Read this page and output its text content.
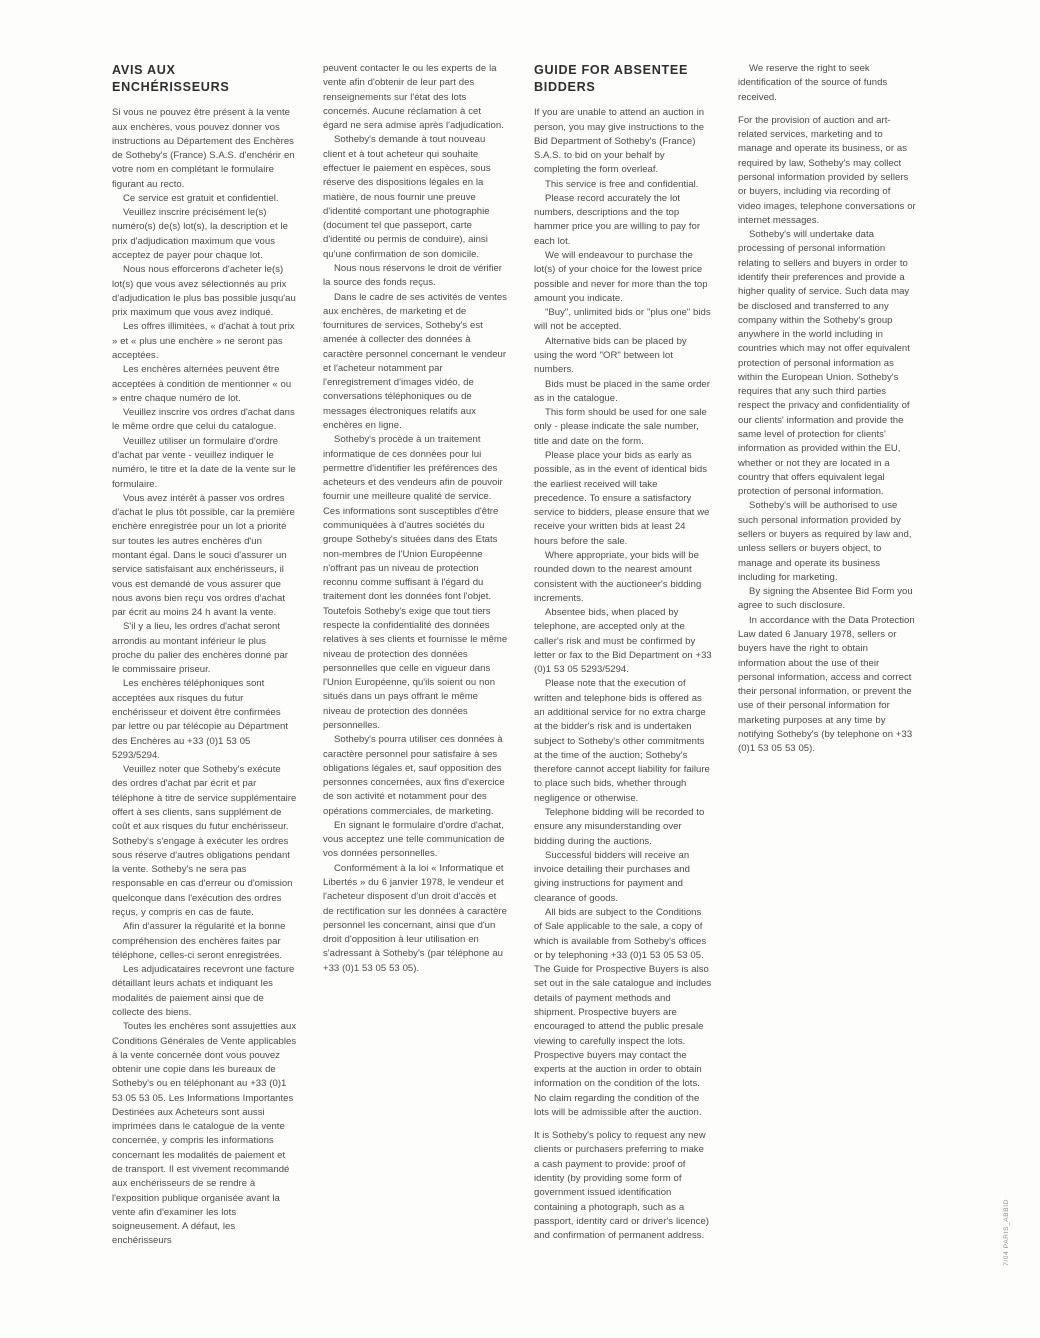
AVIS AUX ENCHÉRISSEURS

Si vous ne pouvez être présent à la vente aux enchères, vous pouvez donner vos instructions au Département des Enchères de Sotheby's (France) S.A.S. d'enchérir en votre nom en complétant le formulaire figurant au recto.

Ce service est gratuit et confidentiel.

Veuillez inscrire précisément le(s) numéro(s) de(s) lot(s), la description et le prix d'adjudication maximum que vous acceptez de payer pour chaque lot.

Nous nous efforcerons d'acheter le(s) lot(s) que vous avez sélectionnés au prix d'adjudication le plus bas possible jusqu'au prix maximum que vous avez indiqué.

Les offres illimitées, « d'achat à tout prix » et « plus une enchère » ne seront pas acceptées.

Les enchères alternées peuvent être acceptées à condition de mentionner « ou » entre chaque numéro de lot.

Veuillez inscrire vos ordres d'achat dans le même ordre que celui du catalogue.

Veuillez utiliser un formulaire d'ordre d'achat par vente - veuillez indiquer le numéro, le titre et la date de la vente sur le formulaire.

Vous avez intérêt à passer vos ordres d'achat le plus tôt possible, car la première enchère enregistrée pour un lot a priorité sur toutes les autres enchères d'un montant égal. Dans le souci d'assurer un service satisfaisant aux enchérisseurs, il vous est demandé de vous assurer que nous avons bien reçu vos ordres d'achat par écrit au moins 24 h avant la vente.

S'il y a lieu, les ordres d'achat seront arrondis au montant inférieur le plus proche du palier des enchères donné par le commissaire priseur.

Les enchères téléphoniques sont acceptées aux risques du futur enchérisseur et doivent être confirmées par lettre ou par télécopie au Départment des Enchères au +33 (0)1 53 05 5293/5294.

Veuillez noter que Sotheby's exécute des ordres d'achat par écrit et par téléphone à titre de service supplémentaire offert à ses clients, sans supplément de coût et aux risques du futur enchérisseur. Sotheby's s'engage à exécuter les ordres sous réserve d'autres obligations pendant la vente. Sotheby's ne sera pas responsable en cas d'erreur ou d'omission quelconque dans l'exécution des ordres reçus, y compris en cas de faute.

Afin d'assurer la régularité et la bonne compréhension des enchères faites par téléphone, celles-ci seront enregistrées.

Les adjudicataires recevront une facture détaillant leurs achats et indiquant les modalités de paiement ainsi que de collecte des biens.

Toutes les enchères sont assujetties aux Conditions Générales de Vente applicables à la vente concernée dont vous pouvez obtenir une copie dans les bureaux de Sotheby's ou en téléphonant au +33 (0)1 53 05 53 05. Les Informations Importantes Destinées aux Acheteurs sont aussi imprimées dans le catalogue de la vente concernée, y compris les informations concernant les modalités de paiement et de transport. Il est vivement recommandé aux enchérisseurs de se rendre à l'exposition publique organisée avant la vente afin d'examiner les lots soigneusement. A défaut, les enchérisseurs

peuvent contacter le ou les experts de la vente afin d'obtenir de leur part des renseignements sur l'état des lots concernés. Aucune réclamation à cet égard ne sera admise après l'adjudication.

Sotheby's demande à tout nouveau client et à tout acheteur qui souhaite effectuer le paiement en espèces, sous réserve des dispositions légales en la matière, de nous fournir une preuve d'identité comportant une photographie (document tel que passeport, carte d'identité ou permis de conduire), ainsi qu'une confirmation de son domicile.

Nous nous réservons le droit de vérifier la source des fonds reçus.

Dans le cadre de ses activités de ventes aux enchères, de marketing et de fournitures de services, Sotheby's est amenée à collecter des données à caractère personnel concernant le vendeur et l'acheteur notamment par l'enregistrement d'images vidéo, de conversations téléphoniques ou de messages électroniques relatifs aux enchères en ligne.

Sotheby's procède à un traitement informatique de ces données pour lui permettre d'identifier les préférences des acheteurs et des vendeurs afin de pouvoir fournir une meilleure qualité de service. Ces informations sont susceptibles d'être communiquées à d'autres sociétés du groupe Sotheby's situées dans des Etats non-membres de l'Union Européenne n'offrant pas un niveau de protection reconnu comme suffisant à l'égard du traitement dont les données font l'objet. Toutefois Sotheby's exige que tout tiers respecte la confidentialité des données relatives à ses clients et fournisse le même niveau de protection des données personnelles que celle en vigueur dans l'Union Européenne, qu'ils soient ou non situés dans un pays offrant le même niveau de protection des données personnelles.

Sotheby's pourra utiliser ces données à caractère personnel pour satisfaire à ses obligations légales et, sauf opposition des personnes concernées, aux fins d'exercice de son activité et notamment pour des opérations commerciales, de marketing.

En signant le formulaire d'ordre d'achat, vous acceptez une telle communication de vos données personnelles.

Conformément à la loi « Informatique et Libertés » du 6 janvier 1978, le vendeur et l'acheteur disposent d'un droit d'accès et de rectification sur les données à caractère personnel les concernant, ainsi que d'un droit d'opposition à leur utilisation en s'adressant à Sotheby's (par téléphone au +33 (0)1 53 05 53 05).

GUIDE FOR ABSENTEE BIDDERS

If you are unable to attend an auction in person, you may give instructions to the Bid Department of Sotheby's (France) S.A.S. to bid on your behalf by completing the form overleaf.

This service is free and confidential.

Please record accurately the lot numbers, descriptions and the top hammer price you are willing to pay for each lot.

We will endeavour to purchase the lot(s) of your choice for the lowest price possible and never for more than the top amount you indicate.

"Buy", unlimited bids or "plus one" bids will not be accepted.

Alternative bids can be placed by using the word "OR" between lot numbers.

Bids must be placed in the same order as in the catalogue.

This form should be used for one sale only - please indicate the sale number, title and date on the form.

Please place your bids as early as possible, as in the event of identical bids the earliest received will take precedence. To ensure a satisfactory service to bidders, please ensure that we receive your written bids at least 24 hours before the sale.

Where appropriate, your bids will be rounded down to the nearest amount consistent with the auctioneer's bidding increments.

Absentee bids, when placed by telephone, are accepted only at the caller's risk and must be confirmed by letter or fax to the Bid Department on +33 (0)1 53 05 5293/5294.

Please note that the execution of written and telephone bids is offered as an additional service for no extra charge at the bidder's risk and is undertaken subject to Sotheby's other commitments at the time of the auction; Sotheby's therefore cannot accept liability for failure to place such bids, whether through negligence or otherwise.

Telephone bidding will be recorded to ensure any misunderstanding over bidding during the auctions.

Successful bidders will receive an invoice detailing their purchases and giving instructions for payment and clearance of goods.

All bids are subject to the Conditions of Sale applicable to the sale, a copy of which is available from Sotheby's offices or by telephoning +33 (0)1 53 05 53 05. The Guide for Prospective Buyers is also set out in the sale catalogue and includes details of payment methods and shipment. Prospective buyers are encouraged to attend the public presale viewing to carefully inspect the lots. Prospective buyers may contact the experts at the auction in order to obtain information on the condition of the lots. No claim regarding the condition of the lots will be admissible after the auction.

It is Sotheby's policy to request any new clients or purchasers preferring to make a cash payment to provide: proof of identity (by providing some form of government issued identification containing a photograph, such as a passport, identity card or driver's licence) and confirmation of permanent address.

We reserve the right to seek identification of the source of funds received.

For the provision of auction and art-related services, marketing and to manage and operate its business, or as required by law, Sotheby's may collect personal information provided by sellers or buyers, including via recording of video images, telephone conversations or internet messages.

Sotheby's will undertake data processing of personal information relating to sellers and buyers in order to identify their preferences and provide a higher quality of service. Such data may be disclosed and transferred to any company within the Sotheby's group anywhere in the world including in countries which may not offer equivalent protection of personal information as within the European Union. Sotheby's requires that any such third parties respect the privacy and confidentiality of our clients' information and provide the same level of protection for clients' information as provided within the EU, whether or not they are located in a country that offers equivalent legal protection of personal information.

Sotheby's will be authorised to use such personal information provided by sellers or buyers as required by law and, unless sellers or buyers object, to manage and operate its business including for marketing.

By signing the Absentee Bid Form you agree to such disclosure.

In accordance with the Data Protection Law dated 6 January 1978, sellers or buyers have the right to obtain information about the use of their personal information, access and correct their personal information, or prevent the use of their personal information for marketing purposes at any time by notifying Sotheby's (by telephone on +33 (0)1 53 05 53 05).

7/04 PARIS_ABBID
